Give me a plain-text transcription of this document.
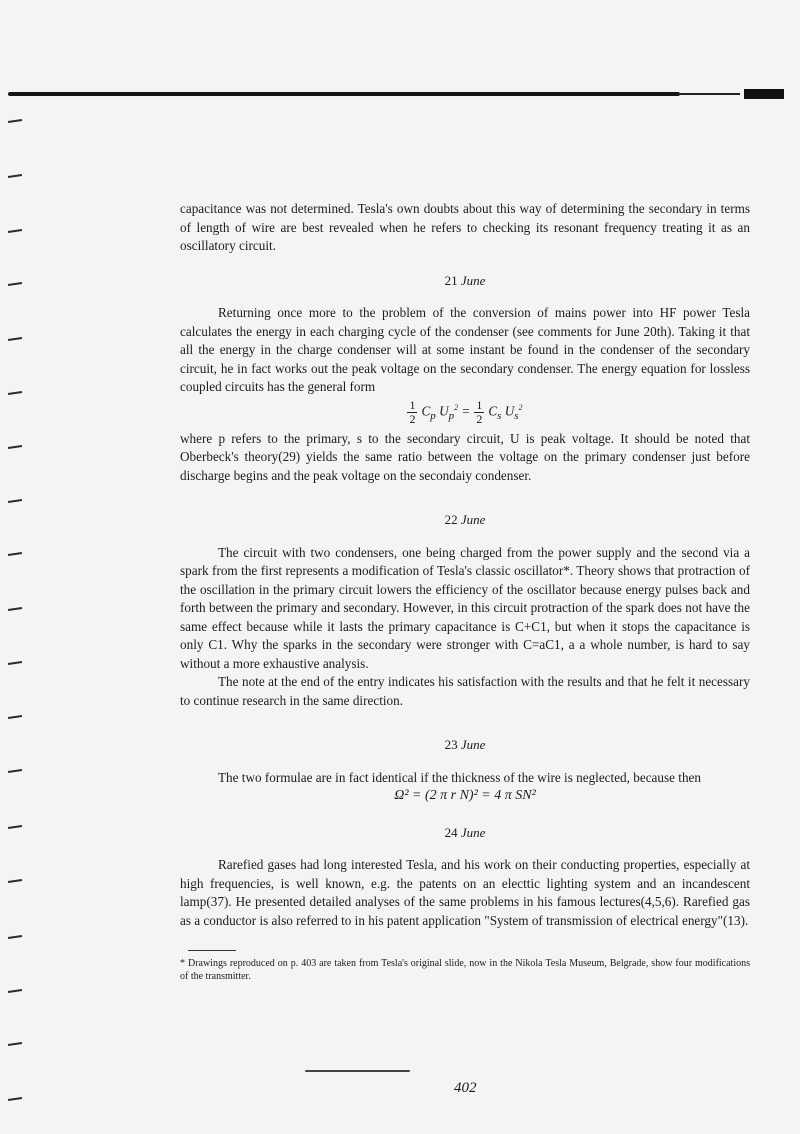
capacitance was not determined. Tesla's own doubts about this way of determining the secondary in terms of length of wire are best revealed when he refers to checking its resonant frequency treating it as an oscillatory circuit.

21 June

Returning once more to the problem of the conversion of mains power into HF power Tesla calculates the energy in each charging cycle of the condenser (see comments for June 20th). Taking it that all the energy in the charge condenser will at some instant be found in the condenser of the secondary circuit, he in fact works out the peak voltage on the secondary condenser. The energy equation for lossless coupled circuits has the general form

$\frac{1}{2} C_p$ $U_p^2 = \frac{1}{2} C_s$ $U_s^2$

where p refers to the primary, s to the secondary circuit, U is peak voltage. It should be noted that Oberbeck's theory(29) yields the same ratio between the voltage on the primary condenser just before discharge begins and the peak voltage on the secondaiy condenser.

22 June

The circuit with two condensers, one being charged from the power supply and the second via a spark from the first represents a modification of Tesla's classic oscillator*. Theory shows that protraction of the oscillation in the primary circuit lowers the efficiency of the oscillator because energy pulses back and forth between the primary and secondary. However, in this circuit protraction of the spark does not have the same effect because while it lasts the primary capacitance is C+C1, but when it stops the capacitance is only C1. Why the sparks in the secondary were stronger with C=aC1, a a whole number, is hard to say without a more exhaustive analysis.

The note at the end of the entry indicates his satisfaction with the results and that he felt it necessary to continue research in the same direction.

23 June

The two formulae are in fact identical if the thickness of the wire is neglected, because then

Ω² = (2 π r N)² = 4 π SN²

24 June

Rarefied gases had long interested Tesla, and his work on their conducting properties, especially at high frequencies, is well known, e.g. the patents on an electtic lighting system and an incandescent lamp(37). He presented detailed analyses of the same problems in his famous lectures(4,5,6). Rarefied gas as a conductor is also referred to in his patent application "System of transmission of electrical energy"(13).

* Drawings reproduced on p. 403 are taken from Tesla's original slide, now in the Nikola Tesla Museum, Belgrade, show four modifications of the transmitter.

402
